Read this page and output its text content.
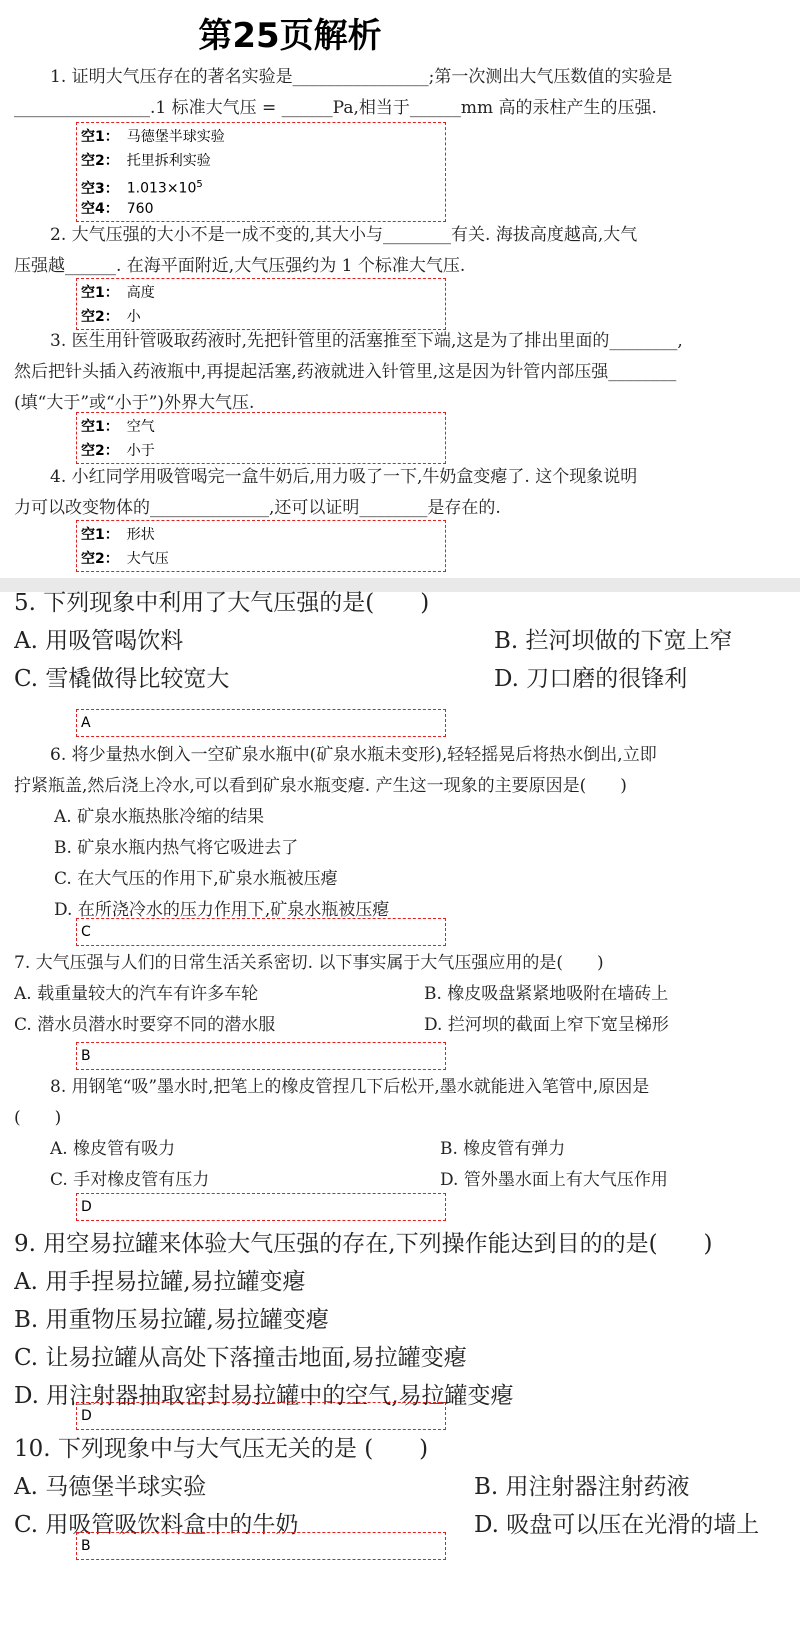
第25页解析
1. 证明大气压存在的著名实验是________________;第一次测出大气压数值的实验是
________________.1 标准大气压 = ______Pa,相当于______mm 高的汞柱产生的压强.
空1： 马德堡半球实验
空2： 托里拆利实验
空3： $1.013\times 10^5$
空4： 760
2. 大气压强的大小不是一成不变的,其大小与________有关. 海拔高度越高,大气
压强越______. 在海平面附近,大气压强约为 1 个标准大气压.
空1： 高度
空2： 小
3. 医生用针管吸取药液时,先把针管里的活塞推至下端,这是为了排出里面的________,
然后把针头插入药液瓶中,再提起活塞,药液就进入针管里,这是因为针管内部压强________
(填“大于”或“小于”)外界大气压.
空1： 空气
空2： 小于
4. 小红同学用吸管喝完一盒牛奶后,用力吸了一下,牛奶盒变瘪了. 这个现象说明
力可以改变物体的______________,还可以证明________是存在的.
空1： 形状
空2： 大气压
5. 下列现象中利用了大气压强的是(　　)
A. 用吸管喝饮料	B. 拦河坝做的下宽上窄
C. 雪橇做得比较宽大	D. 刀口磨的很锋利
A
6. 将少量热水倒入一空矿泉水瓶中(矿泉水瓶未变形),轻轻摇晃后将热水倒出,立即
拧紧瓶盖,然后浇上冷水,可以看到矿泉水瓶变瘪. 产生这一现象的主要原因是(　　)
A. 矿泉水瓶热胀冷缩的结果
B. 矿泉水瓶内热气将它吸进去了
C. 在大气压的作用下,矿泉水瓶被压瘪
D. 在所浇冷水的压力作用下,矿泉水瓶被压瘪
C
7. 大气压强与人们的日常生活关系密切. 以下事实属于大气压强应用的是(　　)
A. 载重量较大的汽车有许多车轮	B. 橡皮吸盘紧紧地吸附在墙砖上
C. 潜水员潜水时要穿不同的潜水服	D. 拦河坝的截面上窄下宽呈梯形
B
8. 用钢笔“吸”墨水时,把笔上的橡皮管捏几下后松开,墨水就能进入笔管中,原因是
(　　)
A. 橡皮管有吸力	B. 橡皮管有弹力
C. 手对橡皮管有压力	D. 管外墨水面上有大气压作用
D
9. 用空易拉罐来体验大气压强的存在,下列操作能达到目的的是(　　)
A. 用手捏易拉罐,易拉罐变瘪
B. 用重物压易拉罐,易拉罐变瘪
C. 让易拉罐从高处下落撞击地面,易拉罐变瘪
D. 用注射器抽取密封易拉罐中的空气,易拉罐变瘪
D
10. 下列现象中与大气压无关的是 (　　)
A. 马德堡半球实验	B. 用注射器注射药液
C. 用吸管吸饮料盒中的牛奶	D. 吸盘可以压在光滑的墙上
B
